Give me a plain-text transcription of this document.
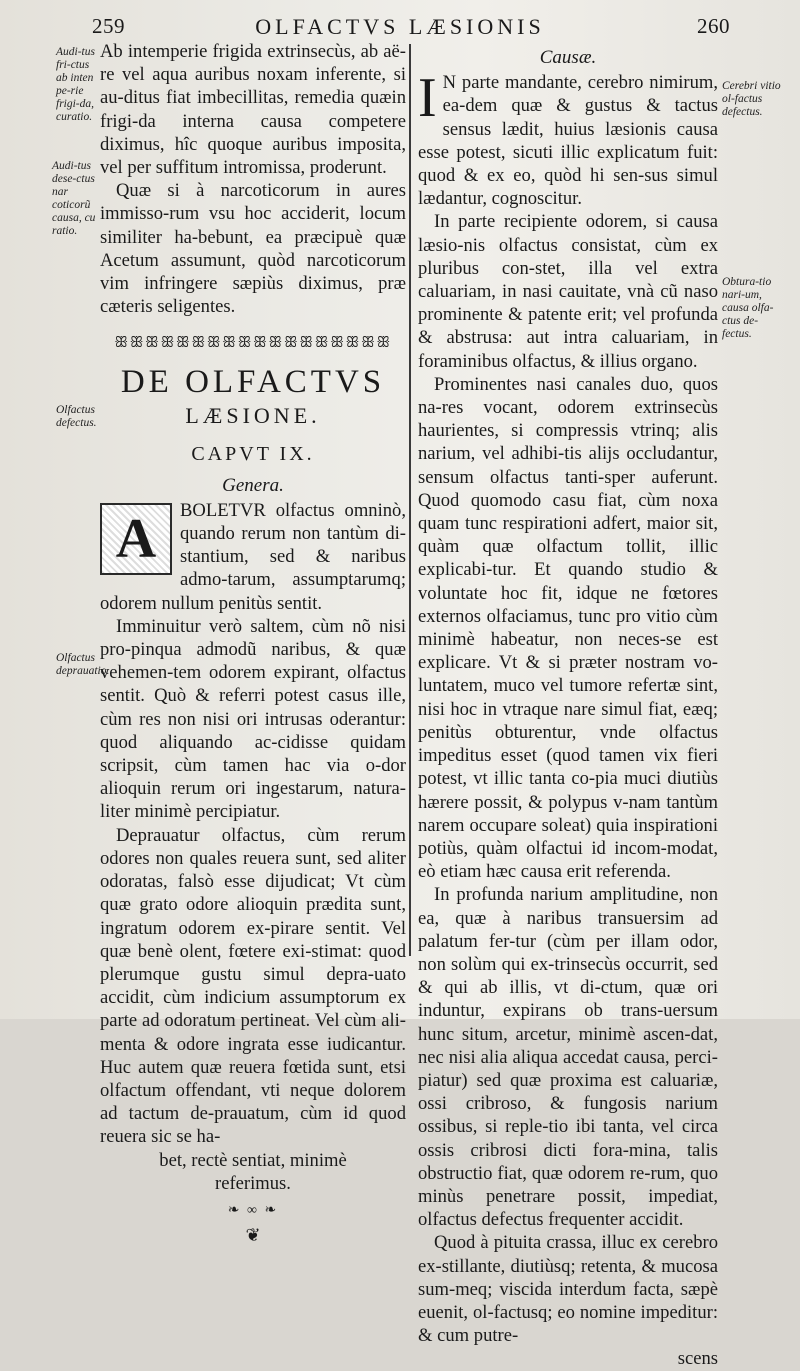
259	OLFACTVS LÆSIONIS	260
Audi-tus fri-ctus ab inten pe-rie frigi-da, curatio.
Audi-tus dese-ctus nar coticorũ causa, cu ratio.
Olfactus defectus.
Olfactus deprauatio.
Cerebri vitio ol-factus defectus.
Obtura-tio nari-um, causa olfa-ctus de-fectus.

Ab intemperie frigida extrinsecùs, ab aë-re vel aqua auribus noxam inferente, si au-ditus fiat imbecillitas, remedia quæin frigi-da interna causa competere diximus, hîc quoque auribus imposita, vel per suffitum intromissa, proderunt.

Quæ si à narcoticorum in aures immisso-rum vsu hoc acciderit, locum similiter ha-bebunt, ea præcipuè quæ Acetum assumunt, quòd narcoticorum vim infringere sæpiùs diximus, præ cæteris seligentes.

ꕥꕥꕥꕥꕥꕥꕥꕥꕥꕥꕥꕥꕥꕥꕥꕥꕥꕥ
DE OLFACTVS
LÆSIONE.
CAPVT IX.
Genera.
A	BOLETVR olfactus omninò, quando rerum non tantùm di-stantium, sed & naribus admo-tarum, assumptarumq; odorem nullum penitùs sentit.

Imminuitur verò saltem, cùm nõ nisi pro-pinqua admodũ naribus, & quæ vehemen-tem odorem expirant, olfactus sentit. Quò & referri potest casus ille, cùm res non nisi ori intrusas oderantur: quod aliquando ac-cidisse quidam scripsit, cùm tamen hac via o-dor alioquin rerum ori ingestarum, natura-liter minimè percipiatur.

Deprauatur olfactus, cùm rerum odores non quales reuera sunt, sed aliter odoratas, falsò esse dijudicat; Vt cùm quæ grato odore alioquin prædita sunt, ingratum odorem ex-pirare sentit. Vel quæ benè olent, fœtere exi-stimat: quod plerumque gustu simul depra-uato accidit, cùm indicium assumptorum ex parte ad odoratum pertineat. Vel cùm ali-menta & odore ingrata esse iudicantur. Huc autem quæ reuera fœtida sunt, etsi olfactum offendant, vti neque dolorem ad tactum de-prauatum, cùm id quod reuera sic se ha-

bet, rectè sentiat, minimè

referimus.

❧ ∞ ❧
❦
Causæ.
I N parte mandante, cerebro nimirum, ea-dem quæ & gustus & tactus sensus lædit, huius læsionis causa esse potest, sicuti illic explicatum fuit: quod & ex eo, quòd hi sen-sus simul lædantur, cognoscitur.

In parte recipiente odorem, si causa læsio-nis olfactus consistat, cùm ex pluribus con-stet, illa vel extra caluariam, in nasi cauitate, vnà cũ naso prominente & patente erit; vel profunda & abstrusa: aut intra caluariam, in foraminibus olfactus, & illius organo.

Prominentes nasi canales duo, quos na-res vocant, odorem extrinsecùs haurientes, si compressis vtrinq; alis narium, vel adhibi-tis alijs occludantur, sensum olfactus tanti-sper auferunt. Quod quomodo casu fiat, cùm noxa quam tunc respirationi adfert, maior sit, quàm quæ olfactum tollit, illic explicabi-tur. Et quando studio & voluntate hoc fit, idque ne fœtores externos olfaciamus, tunc pro vitio cùm minimè habeatur, non neces-se est explicare. Vt & si præter nostram vo-luntatem, muco vel tumore refertæ sint, nisi hoc in vtraque nare simul fiat, eæq; penitùs obturentur, vnde olfactus impeditus esset (quod tamen vix fieri potest, vt illic tanta co-pia muci diutiùs hærere possit, & polypus v-nam tantùm narem occupare soleat) quia inspirationi potiùs, quàm olfactui id incom-modat, eò etiam hæc causa erit referenda.

In profunda narium amplitudine, non ea, quæ à naribus transuersim ad palatum fer-tur (cùm per illam odor, non solùm qui ex-trinsecùs occurrit, sed & qui ab illis, vt di-ctum, quæ ori induntur, expirans ob trans-uersum hunc situm, arcetur, minimè ascen-dat, nec nisi alia aliqua accedat causa, perci-piatur) sed quæ proxima est caluariæ, ossi cribroso, & fungosis narium ossibus, si reple-tio ibi tanta, vel circa ossis cribrosi dicti fora-mina, talis obstructio fiat, quæ odorem re-rum, quo minùs penetrare possit, impediat, olfactus defectus frequenter accidit.

Quod à pituita crassa, illuc ex cerebro ex-stillante, diutiùsq; retenta, & mucosa sum-meq; viscida interdum facta, sæpè euenit, ol-factusq; eo nomine impeditur: & cum putre-

scens
